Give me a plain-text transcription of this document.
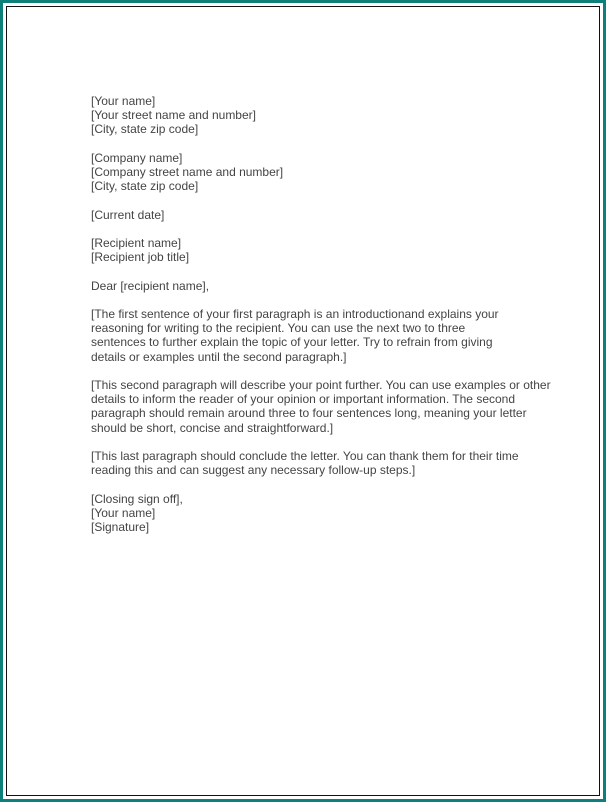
[Your name]
[Your street name and number]
[City, state zip code]
[Company name]
[Company street name and number]
[City, state zip code]
[Current date]
[Recipient name]
[Recipient job title]
Dear [recipient name],

[The first sentence of your first paragraph is an introductionand explains your reasoning for writing to the recipient. You can use the next two to three sentences to further explain the topic of your letter. Try to refrain from giving details or examples until the second paragraph.]

[This second paragraph will describe your point further. You can use examples or other details to inform the reader of your opinion or important information. The second paragraph should remain around three to four sentences long, meaning your letter should be short, concise and straightforward.]

[This last paragraph should conclude the letter. You can thank them for their time reading this and can suggest any necessary follow-up steps.]

[Closing sign off],
[Your name]
[Signature]
